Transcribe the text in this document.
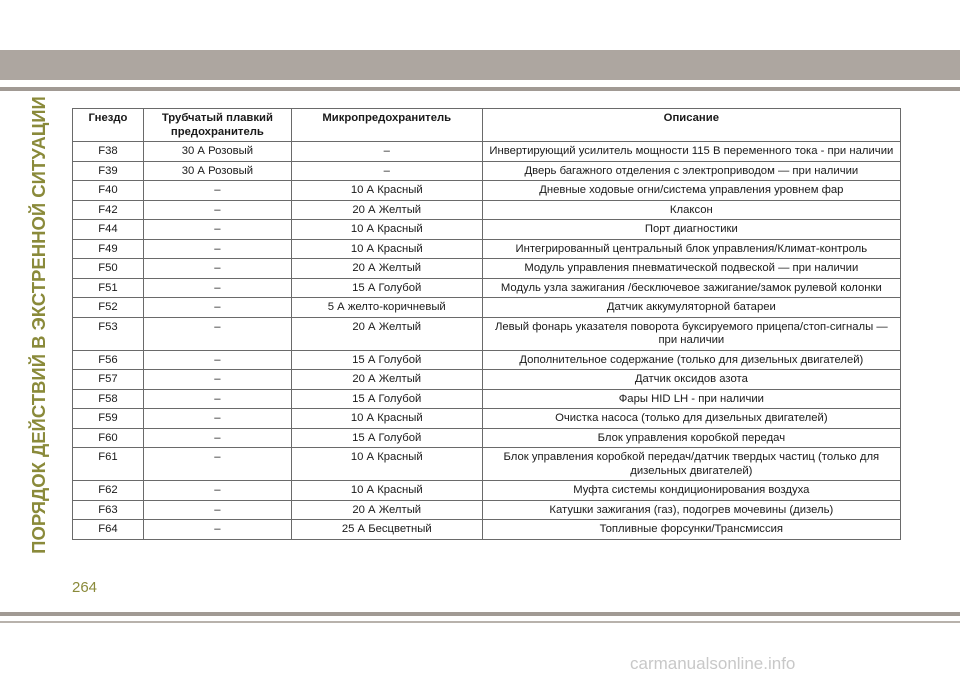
ПОРЯДОК ДЕЙСТВИЙ В ЭКСТРЕННОЙ СИТУАЦИИ	Гнездо	Трубчатый плавкий предохранитель	Микропредохранитель	Описание
F38	30 А Розовый	–	Инвертирующий усилитель мощности 115 В переменного тока - при наличии
F39	30 А Розовый	–	Дверь багажного отделения с электроприводом — при наличии
F40	–	10 А Красный	Дневные ходовые огни/система управления уровнем фар
F42	–	20 А Желтый	Клаксон
F44	–	10 А Красный	Порт диагностики
F49	–	10 А Красный	Интегрированный центральный блок управления/Климат-контроль
F50	–	20 А Желтый	Модуль управления пневматической подвеской — при наличии
F51	–	15 А Голубой	Модуль узла зажигания /бесключевое зажигание/замок рулевой колонки
F52	–	5 А желто-коричневый	Датчик аккумуляторной батареи
F53	–	20 А Желтый	Левый фонарь указателя поворота буксируемого прицепа/стоп-сигналы — при наличии
F56	–	15 А Голубой	Дополнительное содержание (только для дизельных двигателей)
F57	–	20 А Желтый	Датчик оксидов азота
F58	–	15 А Голубой	Фары HID LH - при наличии
F59	–	10 А Красный	Очистка насоса (только для дизельных двигателей)
F60	–	15 А Голубой	Блок управления коробкой передач
F61	–	10 А Красный	Блок управления коробкой передач/датчик твердых частиц (только для дизельных двигателей)
F62	–	10 А Красный	Муфта системы кондиционирования воздуха
F63	–	20 А Желтый	Катушки зажигания (газ), подогрев мочевины (дизель)
F64	–	25 А Бесцветный	Топливные форсунки/Трансмиссия
264
carmanualsonline.info
